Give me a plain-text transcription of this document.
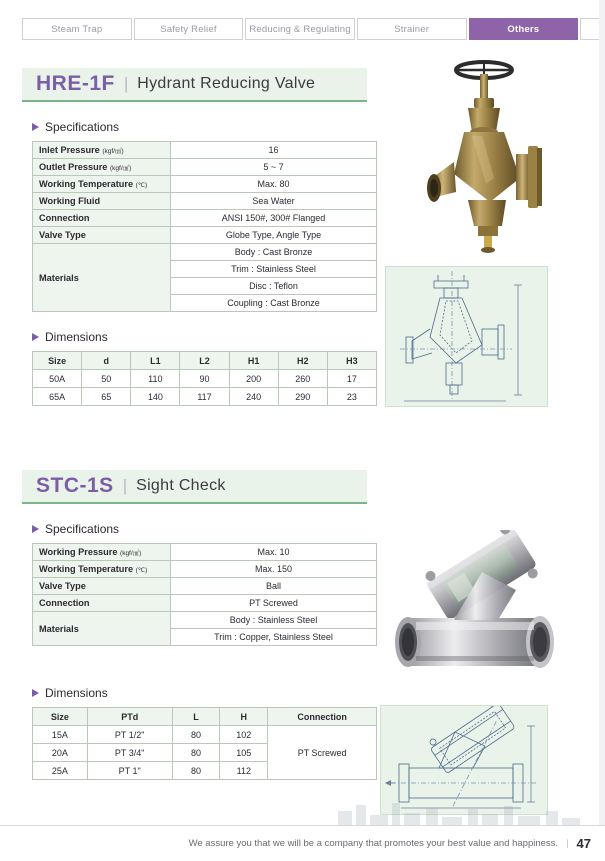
Steam Trap	Safety Relief	Reducing & Regulating	Strainer	Others
HRE-1F | Hydrant Reducing Valve
Specifications
Inlet Pressure (kgf/㎠)	16
Outlet Pressure (kgf/㎠)	5 ~ 7
Working Temperature (℃)	Max. 80
Working Fluid	Sea Water
Connection	ANSI 150#, 300# Flanged
Valve Type	Globe Type, Angle Type
Materials	Body : Cast Bronze
	Trim : Stainless Steel
	Disc : Teflon
	Coupling : Cast Bronze
Dimensions
Size	d	L1	L2	H1	H2	H3
50A	50	110	90	200	260	17
65A	65	140	117	240	290	23
STC-1S | Sight Check
Specifications
Working Pressure (kgf/㎠)	Max. 10
Working Temperature (℃)	Max. 150
Valve Type	Ball
Connection	PT Screwed
Materials	Body : Stainless Steel
	Trim : Copper, Stainless Steel
Dimensions
Size	PTd	L	H	Connection
15A	PT 1/2"	80	102	PT Screwed
20A	PT 3/4"	80	105	
25A	PT 1"	80	112	
We assure you that we will be a company that promotes your best value and happiness. | 47
